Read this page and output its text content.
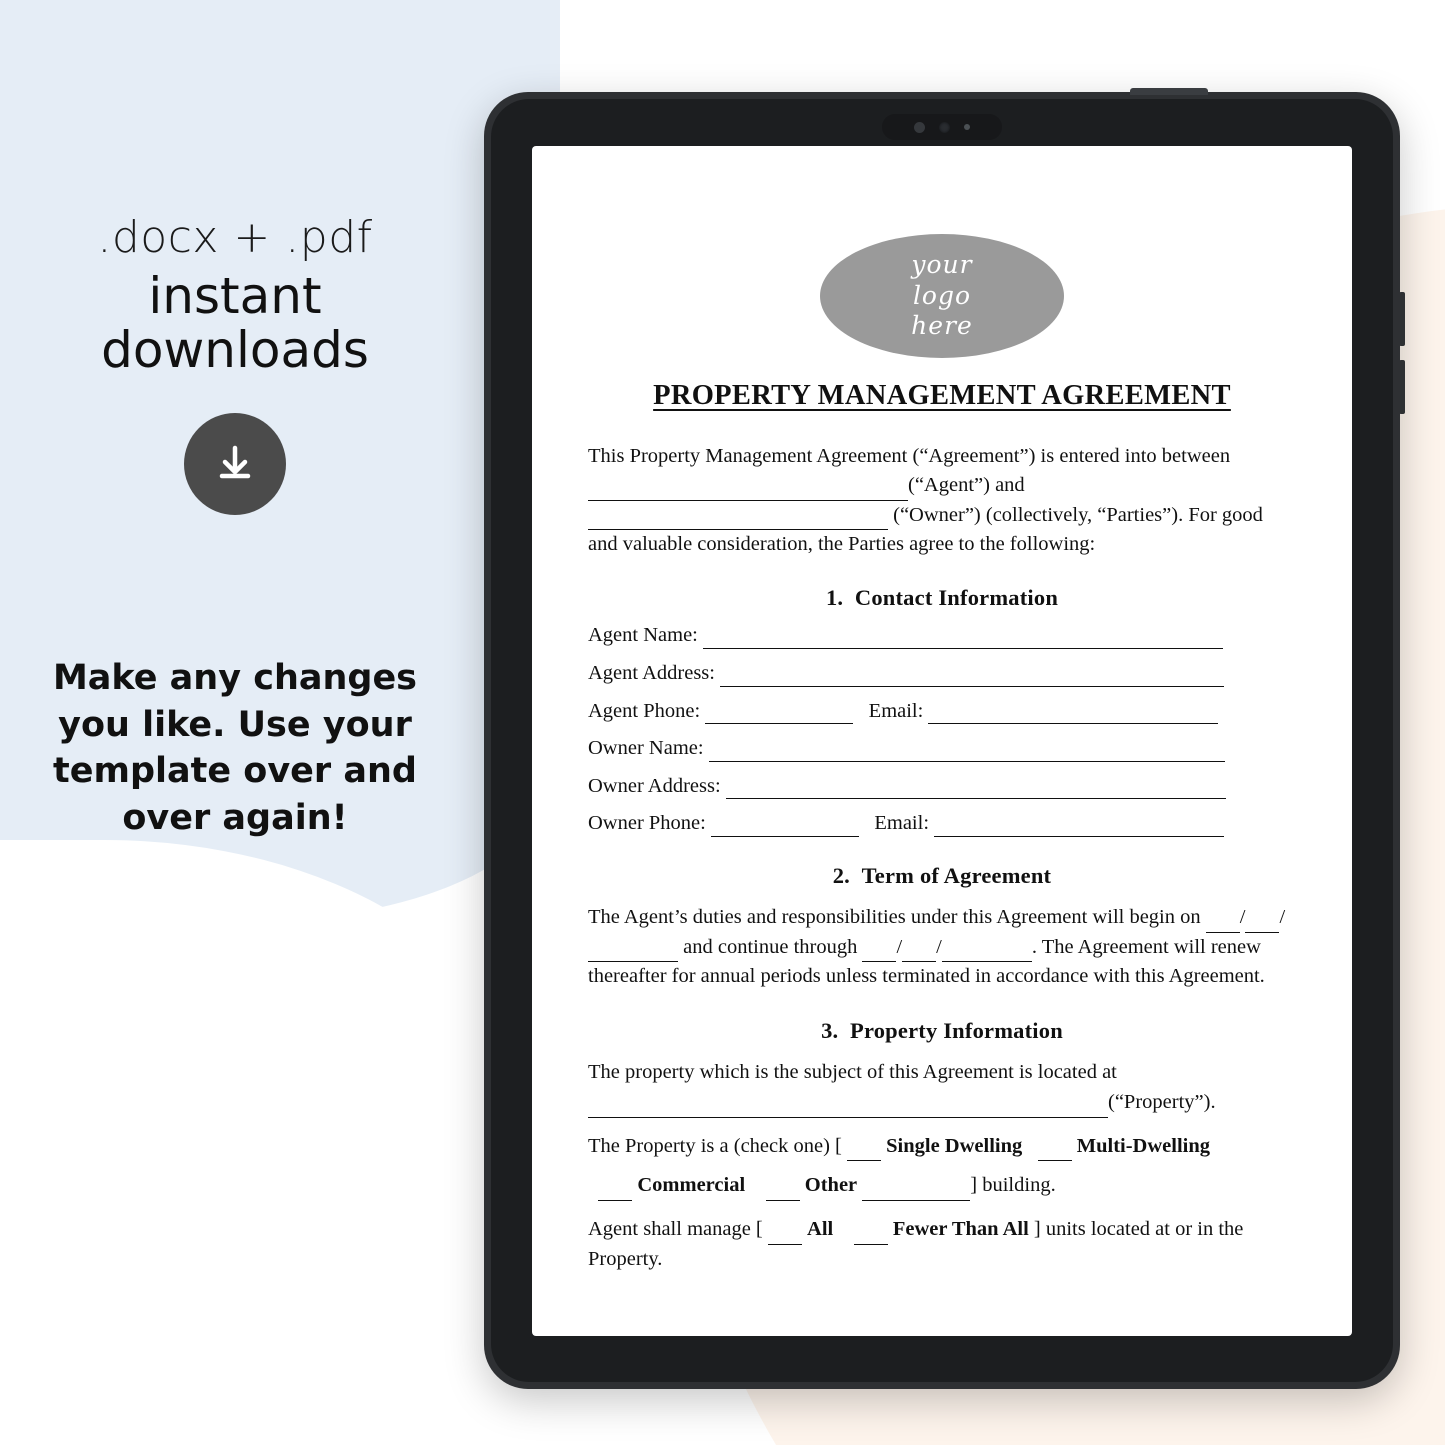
.docx + .pdf
instant
downloads
Make any changes you like. Use your template over and over again!
your
logo
here
PROPERTY MANAGEMENT AGREEMENT
This Property Management Agreement (“Agreement”) is entered into between (“Agent”) and  (“Owner”) (collectively, “Parties”). For good and valuable consideration, the Parties agree to the following:
1. Contact Information
Agent Name:
Agent Address:
Agent Phone:	Email:
Owner Name:
Owner Address:
Owner Phone:	Email:
2. Term of Agreement
The Agent’s duties and responsibilities under this Agreement will begin on / / and continue through / /	. The Agreement will renew thereafter for annual periods unless terminated in accordance with this Agreement.
3. Property Information
The property which is the subject of this Agreement is located at
(“Property”).
The Property is a (check one) [ Single Dwelling	Multi-Dwelling
Commercial	Other	] building.
Agent shall manage [ All	Fewer Than All ] units located at or in the Property.
